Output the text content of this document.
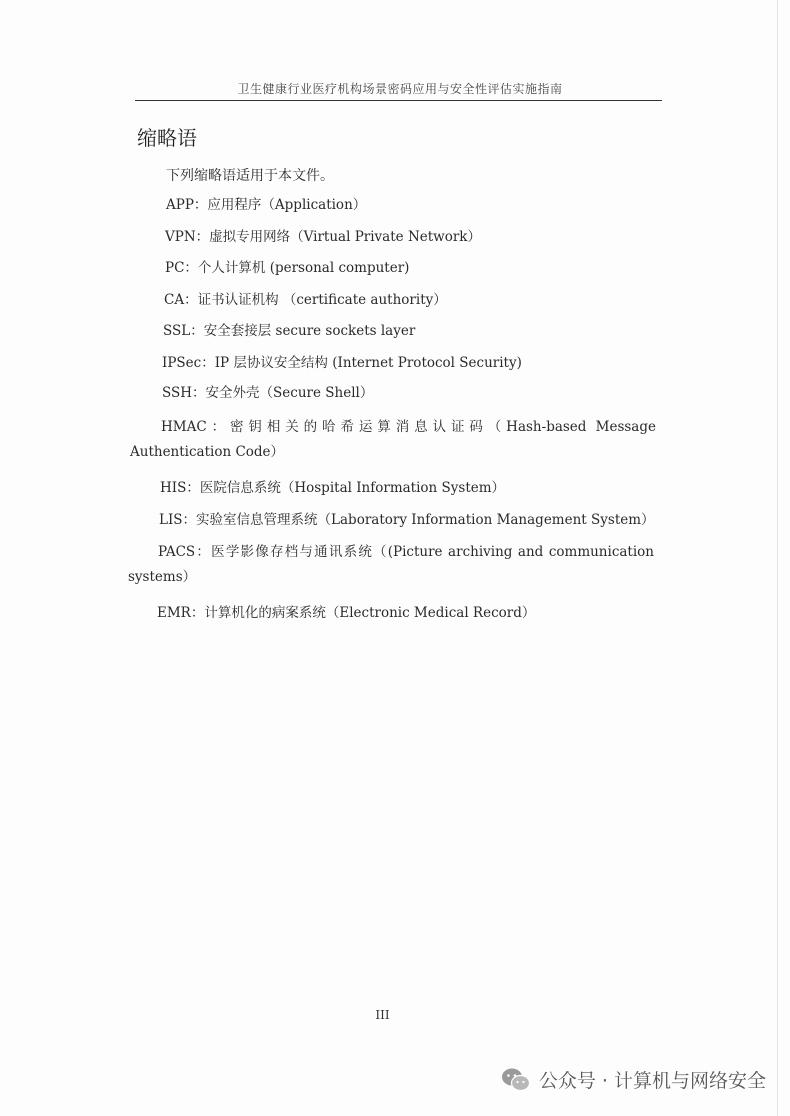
卫生健康行业医疗机构场景密码应用与安全性评估实施指南
缩略语
下列缩略语适用于本文件。
APP：应用程序（Application）
VPN：虚拟专用网络（Virtual Private Network）
PC：个人计算机 (personal computer)
CA：证书认证机构 （certificate authority）
SSL：安全套接层 secure sockets layer
IPSec：IP 层协议安全结构 (Internet Protocol Security)
SSH：安全外壳（Secure Shell）
HMAC：密钥相关的哈希运算消息认证码（Hash-based Message Authentication Code）
HIS：医院信息系统（Hospital Information System）
LIS：实验室信息管理系统（Laboratory Information Management System）
PACS：医学影像存档与通讯系统（(Picture archiving and communication systems）
EMR：计算机化的病案系统（Electronic Medical Record）
III
公众号 · 计算机与网络安全
